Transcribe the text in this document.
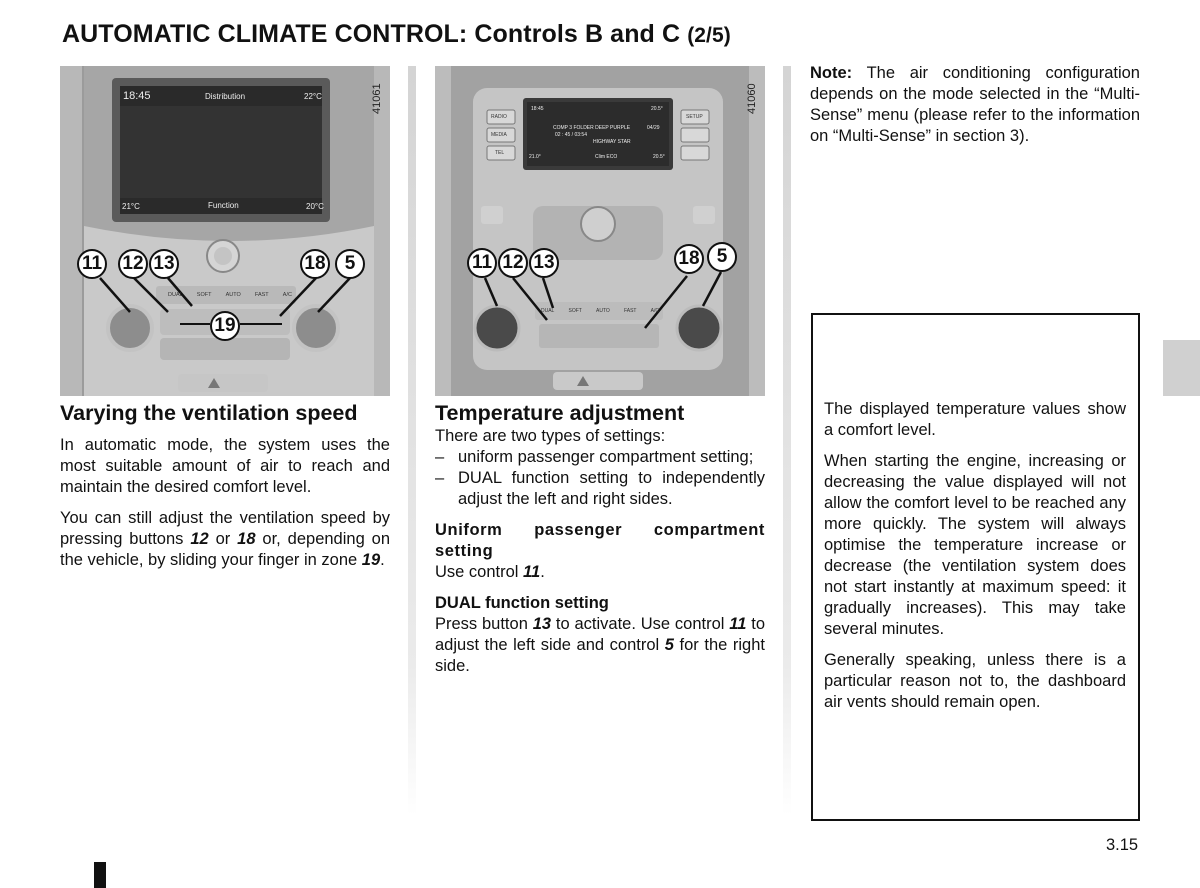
AUTOMATIC CLIMATE CONTROL: Controls B and C (2/5)
18:45	Distribution	22°C
21°C	Function	20°C
DUAL	SOFT	AUTO	FAST	A/C
11 12 13	18	5
19
41061	18:45	20.5°
COMP 3 FOLDER DEEP PURPLE	04/29
02 : 45 / 03:54
HIGHWAY STAR
21.0°	Clim ECO	20.5°
RADIO
MEDIA
TEL
SETUP
DUAL	SOFT	AUTO	FAST	A/C
11 12 13	18 5
41060
Varying the ventilation speed

In automatic mode, the system uses the most suitable amount of air to reach and maintain the desired comfort level.

You can still adjust the ventilation speed by pressing buttons 12 or 18 or, depending on the vehicle, by sliding your finger in zone 19.

Temperature adjustment

There are two types of settings:

– uniform passenger compartment setting;
– DUAL function setting to independently adjust the left and right sides.

Uniform passenger compartment setting

Use control 11.

DUAL function setting

Press button 13 to activate. Use control 11 to adjust the left side and control 5 for the right side.

Note: The air conditioning configuration depends on the mode selected in the “Multi-Sense” menu (please refer to the information on “Multi-Sense” in section 3).

The displayed temperature values show a comfort level.

When starting the engine, increasing or decreasing the value displayed will not allow the comfort level to be reached any more quickly. The system will always optimise the temperature increase or decrease (the ventilation system does not start instantly at maximum speed: it gradually increases). This may take several minutes.

Generally speaking, unless there is a particular reason not to, the dashboard air vents should remain open.

3.15
